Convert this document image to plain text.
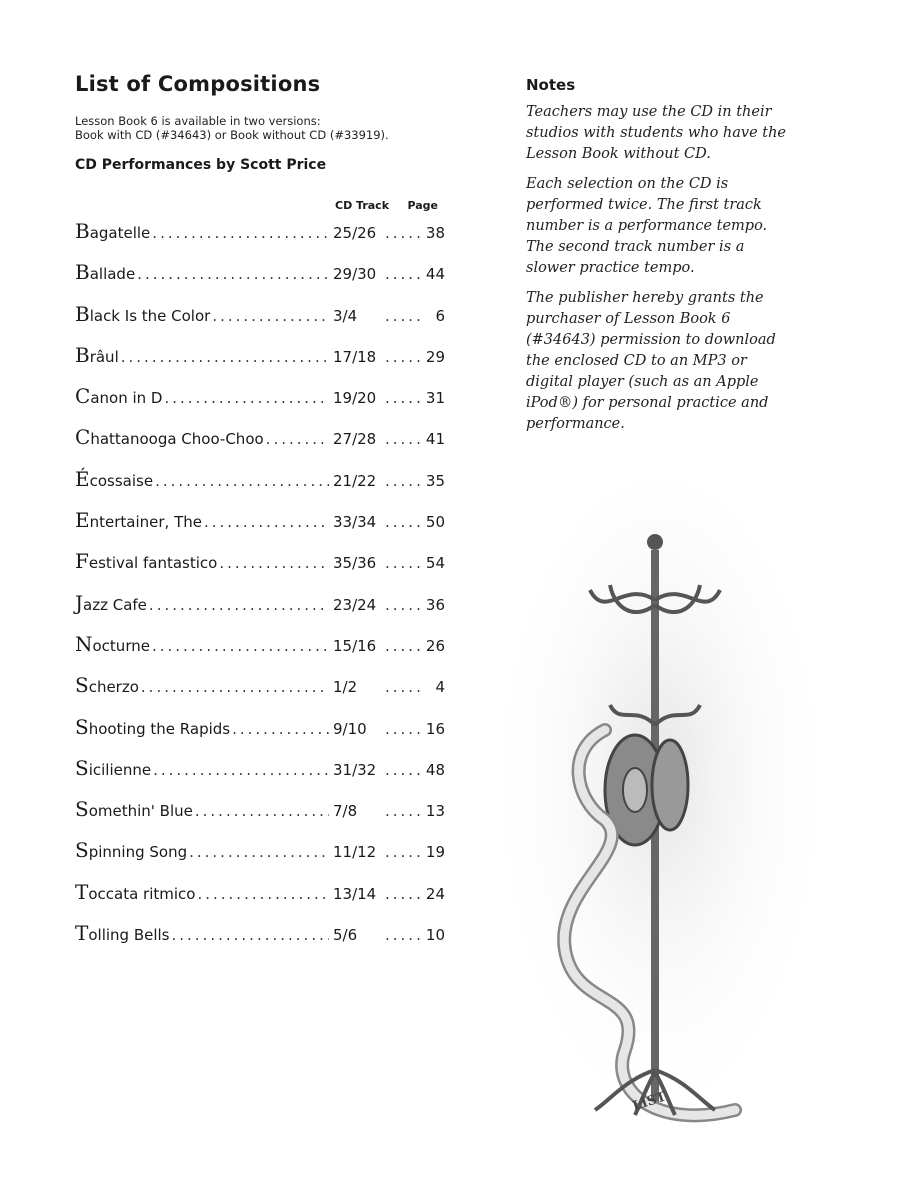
List of Compositions
Lesson Book 6 is available in two versions:
Book with CD (#34643) or Book without CD (#33919).
CD Performances by Scott Price
CD Track Page
Bagatelle .....	25/26 .....	38
Ballade .....	29/30 .....	44
Black Is the Color .....	3/4 .....	6
Brâul .....	17/18 .....	29
Canon in D .....	19/20 .....	31
Chattanooga Choo-Choo .....	27/28 .....	41
Écossaise .....	21/22 .....	35
Entertainer, The .....	33/34 .....	50
Festival fantastico .....	35/36 .....	54
Jazz Cafe .....	23/24 .....	36
Nocturne .....	15/16 .....	26
Scherzo .....	1/2 .....	4
Shooting the Rapids .....	9/10 .....	16
Sicilienne .....	31/32 .....	48
Somethin' Blue .....	7/8 .....	13
Spinning Song .....	11/12 .....	19
Toccata ritmico .....	13/14 .....	24
Tolling Bells .....	5/6 .....	10
Notes

Teachers may use the CD in their studios with students who have the Lesson Book without CD.

Each selection on the CD is performed twice. The first track number is a performance tempo. The second track number is a slower practice tempo.

The publisher hereby grants the purchaser of Lesson Book 6 (#34643) permission to download the enclosed CD to an MP3 or digital player (such as an Apple iPod®) for personal practice and performance.

LIST
